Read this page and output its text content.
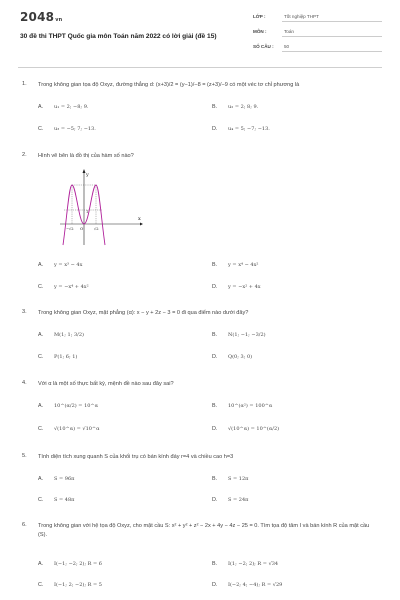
2048vn
30 đề thi THPT Quốc gia môn Toán năm 2022 có lời giải (đề 15)
LỚP :	Tốt nghiệp THPT
MÔN :	Toán
SỐ CÂU : 50
1. Trong không gian tọa độ Oxyz, đường thẳng d: (x+3)/2 = (y−1)/−8 = (z+3)/−9 có một véc tơ chỉ phương là
A. u₁ = 2; −8; 9.	B. u₂ = 2; 8; 9.
C. u₃ = −5; 7; −13.	D. u₄ = 5; −7; −13.
2. Hình vẽ bên là đồ thị của hàm số nào?
y
x
O
−√2	√2
1
A. y = x³ − 4x	B. y = x⁴ − 4x²
C. y = −x⁴ + 4x²	D. y = −x² + 4x
3. Trong không gian Oxyz, mặt phẳng (α): x − y + 2z − 3 = 0 đi qua điểm nào dưới đây?
A. M(1; 1; 3/2)	B. N(1; −1; −3/2)
C. P(1; 6; 1)	D. Q(0; 3; 0)
4. Với α là một số thực bất kỳ, mệnh đề nào sau đây sai?
A. 10^(α/2) = 10^α	B. 10^(α²) = 100^α
C. √(10^α) = √10^α	D. √(10^α) = 10^(α/2)
5. Tính diện tích xung quanh S của khối trụ có bán kính đáy r=4 và chiều cao h=3
A. S = 96π	B. S = 12π
C. S = 48π	D. S = 24π
6. Trong không gian với hệ tọa độ Oxyz, cho mặt cầu S: x² + y² + z² − 2x + 4y − 4z − 25 = 0. Tìm tọa độ tâm I và bán kính R của mặt cầu (S).
A. I(−1; −2; 2); R = 6	B. I(1; −2; 2); R = √34
C. I(−1; 2; −2); R = 5	D. I(−2; 4; −4); R = √29
